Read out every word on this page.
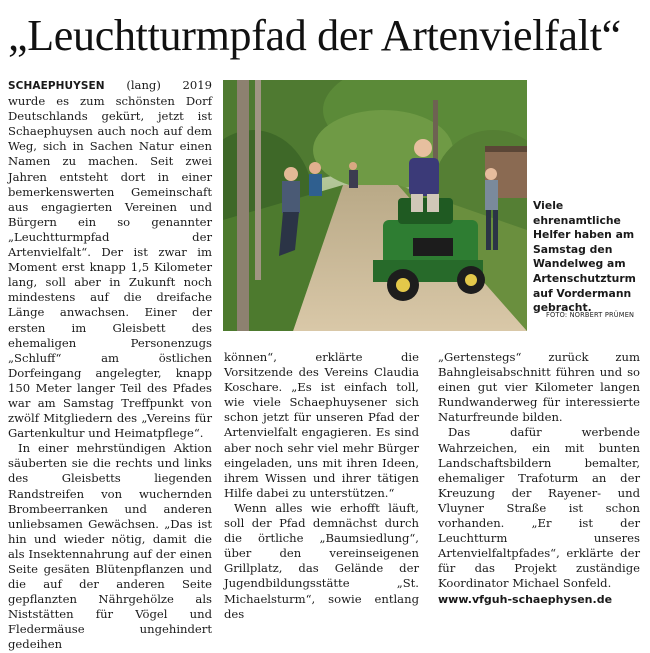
„Leuchtturmpfad der Artenvielfalt“

SCHAEPHUYSEN (lang) 2019 wurde es zum schönsten Dorf Deutschlands gekürt, jetzt ist Schaephuysen auch noch auf dem Weg, sich in Sachen Natur einen Namen zu machen. Seit zwei Jahren entsteht dort in einer bemerkenswerten Gemeinschaft aus engagierten Vereinen und Bürgern ein so genannter „Leuchtturmpfad der Artenvielfalt“. Der ist zwar im Moment erst knapp 1,5 Kilometer lang, soll aber in Zukunft noch mindestens auf die dreifache Länge anwachsen. Einer der ersten im Gleisbett des ehemaligen Personenzugs „Schluff“ am östlichen Dorfeingang angelegter, knapp 150 Meter langer Teil des Pfades war am Samstag Treffpunkt von zwölf Mitgliedern des „Vereins für Gartenkultur und Heimatpflege“.

In einer mehrstündigen Aktion säuberten sie die rechts und links des Gleisbetts liegenden Randstreifen von wuchernden Brombeerranken und anderen unliebsamen Gewächsen. „Das ist hin und wieder nötig, damit die als Insektennahrung auf der einen Seite gesäten Blütenpflanzen und die auf der anderen Seite gepflanzten Nährgehölze als Niststätten für Vögel und Fledermäuse ungehindert gedeihen

Viele ehrenamtliche Helfer haben am Samstag den Wandelweg am Artenschutzturm auf Vordermann gebracht.
FOTO: NORBERT PRÜMEN

können“, erklärte die Vorsitzende des Vereins Claudia Koschare. „Es ist einfach toll, wie viele Schaephuysener sich schon jetzt für unseren Pfad der Artenvielfalt engagieren. Es sind aber noch sehr viel mehr Bürger eingeladen, uns mit ihren Ideen, ihrem Wissen und ihrer tätigen Hilfe dabei zu unterstützen.“

Wenn alles wie erhofft läuft, soll der Pfad demnächst durch die örtliche „Baumsiedlung“, über den vereinseigenen Grillplatz, das Gelände der Jugendbildungsstätte „St. Michaelsturm“, sowie entlang des

„Gertenstegs“ zurück zum Bahngleisabschnitt führen und so einen gut vier Kilometer langen Rundwanderweg für interessierte Naturfreunde bilden.

Das dafür werbende Wahrzeichen, ein mit bunten Landschaftsbildern bemalter, ehemaliger Trafoturm an der Kreuzung der Rayener- und Vluyner Straße ist schon vorhanden. „Er ist der Leuchtturm unseres Artenvielfaltpfades“, erklärte der für das Projekt zuständige Koordinator Michael Sonfeld.

www.vfguh-schaephysen.de
